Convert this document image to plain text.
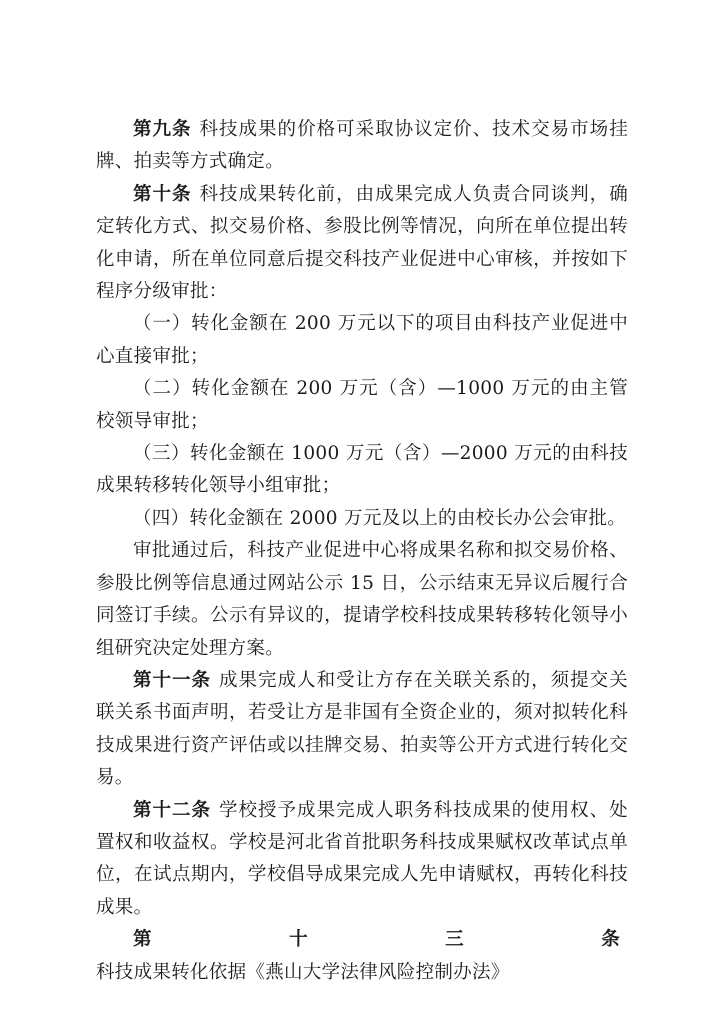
第九条 科技成果的价格可采取协议定价、技术交易市场挂牌、拍卖等方式确定。

第十条 科技成果转化前，由成果完成人负责合同谈判，确定转化方式、拟交易价格、参股比例等情况，向所在单位提出转化申请，所在单位同意后提交科技产业促进中心审核，并按如下程序分级审批：

（一）转化金额在 200 万元以下的项目由科技产业促进中心直接审批；

（二）转化金额在 200 万元（含）—1000 万元的由主管校领导审批；

（三）转化金额在 1000 万元（含）—2000 万元的由科技成果转移转化领导小组审批；

（四）转化金额在 2000 万元及以上的由校长办公会审批。

审批通过后，科技产业促进中心将成果名称和拟交易价格、参股比例等信息通过网站公示 15 日，公示结束无异议后履行合同签订手续。公示有异议的，提请学校科技成果转移转化领导小组研究决定处理方案。

第十一条 成果完成人和受让方存在关联关系的，须提交关联关系书面声明，若受让方是非国有全资企业的，须对拟转化科技成果进行资产评估或以挂牌交易、拍卖等公开方式进行转化交易。

第十二条 学校授予成果完成人职务科技成果的使用权、处置权和收益权。学校是河北省首批职务科技成果赋权改革试点单位，在试点期内，学校倡导成果完成人先申请赋权，再转化科技成果。

第十三条科技成果转化依据《燕山大学法律风险控制办法》
